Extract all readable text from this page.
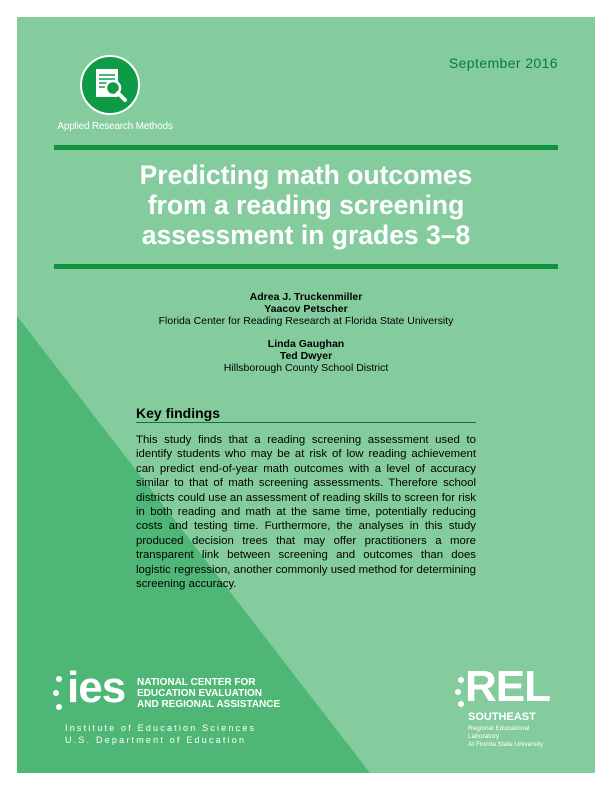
Applied Research Methods
September 2016
Predicting math outcomes
from a reading screening
assessment in grades 3–8
Adrea J. Truckenmiller
Yaacov Petscher
Florida Center for Reading Research at Florida State University
Linda Gaughan
Ted Dwyer
Hillsborough County School District
Key findings

This study finds that a reading screening assessment used to identify students who may be at risk of low reading achievement can predict end-of-year math outcomes with a level of accuracy similar to that of math screening assessments. Therefore school districts could use an assessment of reading skills to screen for risk in both reading and math at the same time, potentially reducing costs and testing time. Furthermore, the analyses in this study produced decision trees that may offer practitioners a more transparent link between screening and outcomes than does logistic regression, another commonly used method for determining screening accuracy.

ies NATIONAL CENTER FOR
EDUCATION EVALUATION
AND REGIONAL ASSISTANCE
Institute of Education Sciences
U.S. Department of Education
REL
SOUTHEAST
Regional Educational Laboratory
At Florida State University
